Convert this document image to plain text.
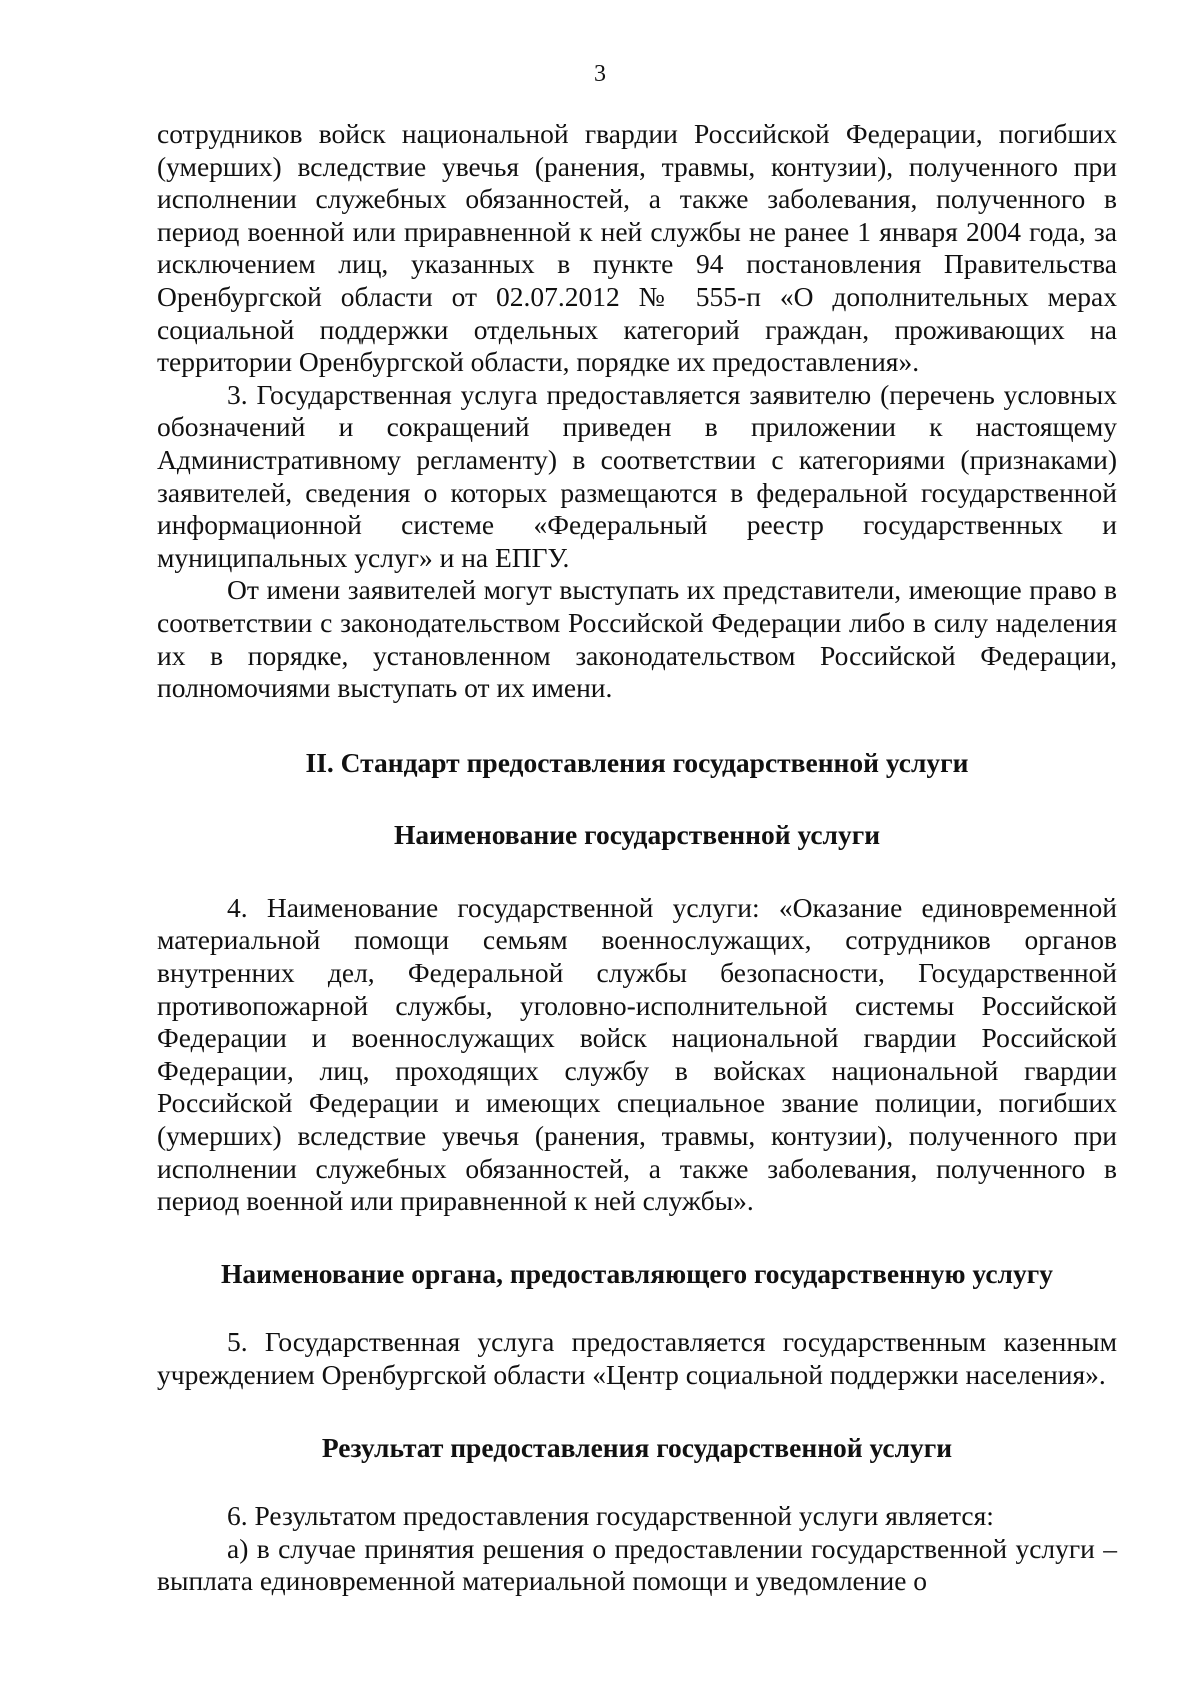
3

сотрудников войск национальной гвардии Российской Федерации, погибших (умерших) вследствие увечья (ранения, травмы, контузии), полученного при исполнении служебных обязанностей, а также заболевания, полученного в период военной или приравненной к ней службы не ранее 1 января 2004 года, за исключением лиц, указанных в пункте 94 постановления Правительства Оренбургской области от 02.07.2012 № 555-п «О дополнительных мерах социальной поддержки отдельных категорий граждан, проживающих на территории Оренбургской области, порядке их предоставления».

3. Государственная услуга предоставляется заявителю (перечень условных обозначений и сокращений приведен в приложении к настоящему Административному регламенту) в соответствии с категориями (признаками) заявителей, сведения о которых размещаются в федеральной государственной информационной системе «Федеральный реестр государственных и муниципальных услуг» и на ЕПГУ.

От имени заявителей могут выступать их представители, имеющие право в соответствии с законодательством Российской Федерации либо в силу наделения их в порядке, установленном законодательством Российской Федерации, полномочиями выступать от их имени.

II. Стандарт предоставления государственной услуги

Наименование государственной услуги

4. Наименование государственной услуги: «Оказание единовременной материальной помощи семьям военнослужащих, сотрудников органов внутренних дел, Федеральной службы безопасности, Государственной противопожарной службы, уголовно-исполнительной системы Российской Федерации и военнослужащих войск национальной гвардии Российской Федерации, лиц, проходящих службу в войсках национальной гвардии Российской Федерации и имеющих специальное звание полиции, погибших (умерших) вследствие увечья (ранения, травмы, контузии), полученного при исполнении служебных обязанностей, а также заболевания, полученного в период военной или приравненной к ней службы».

Наименование органа, предоставляющего государственную услугу

5. Государственная услуга предоставляется государственным казенным учреждением Оренбургской области «Центр социальной поддержки населения».

Результат предоставления государственной услуги

6. Результатом предоставления государственной услуги является:

а) в случае принятия решения о предоставлении государственной услуги – выплата единовременной материальной помощи и уведомление о
